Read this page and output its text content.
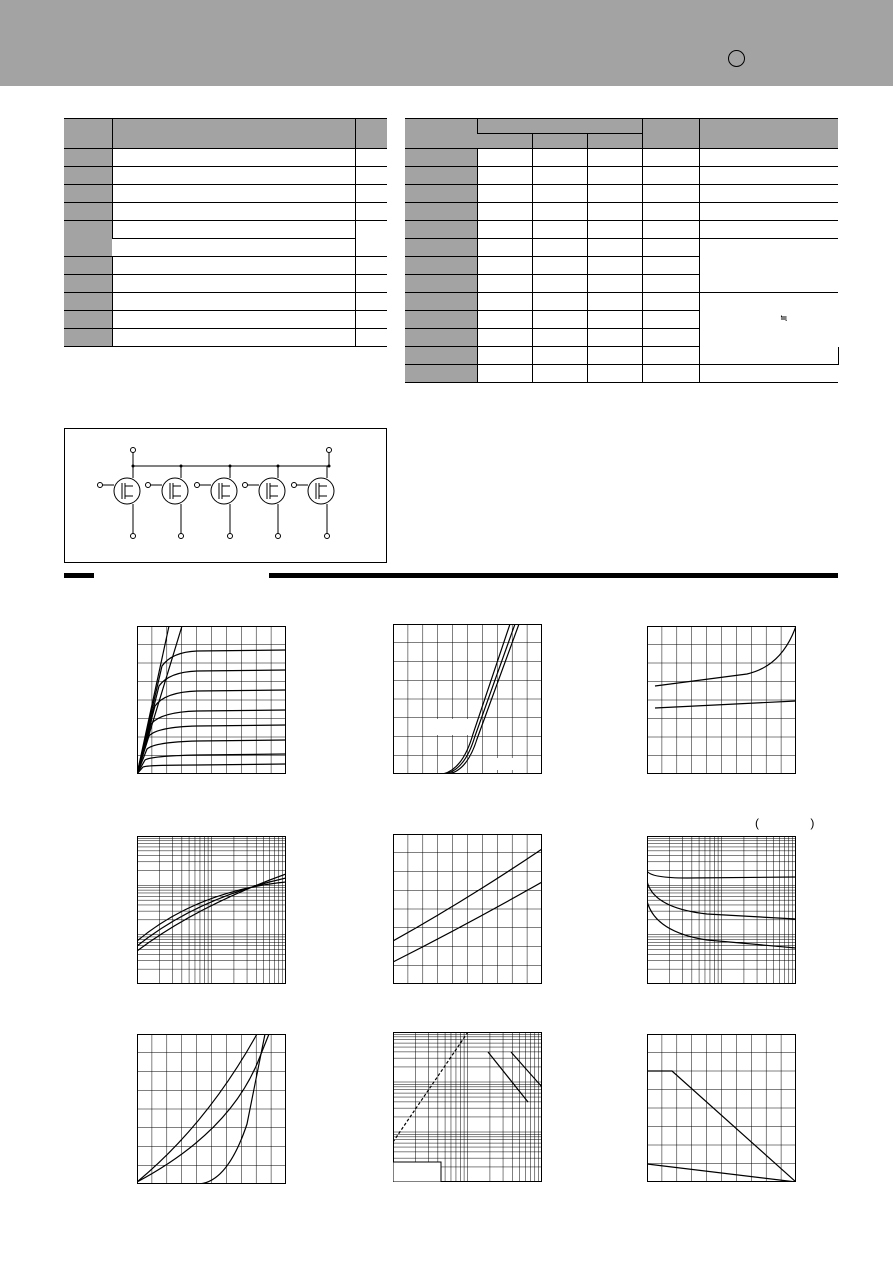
≒
( )
